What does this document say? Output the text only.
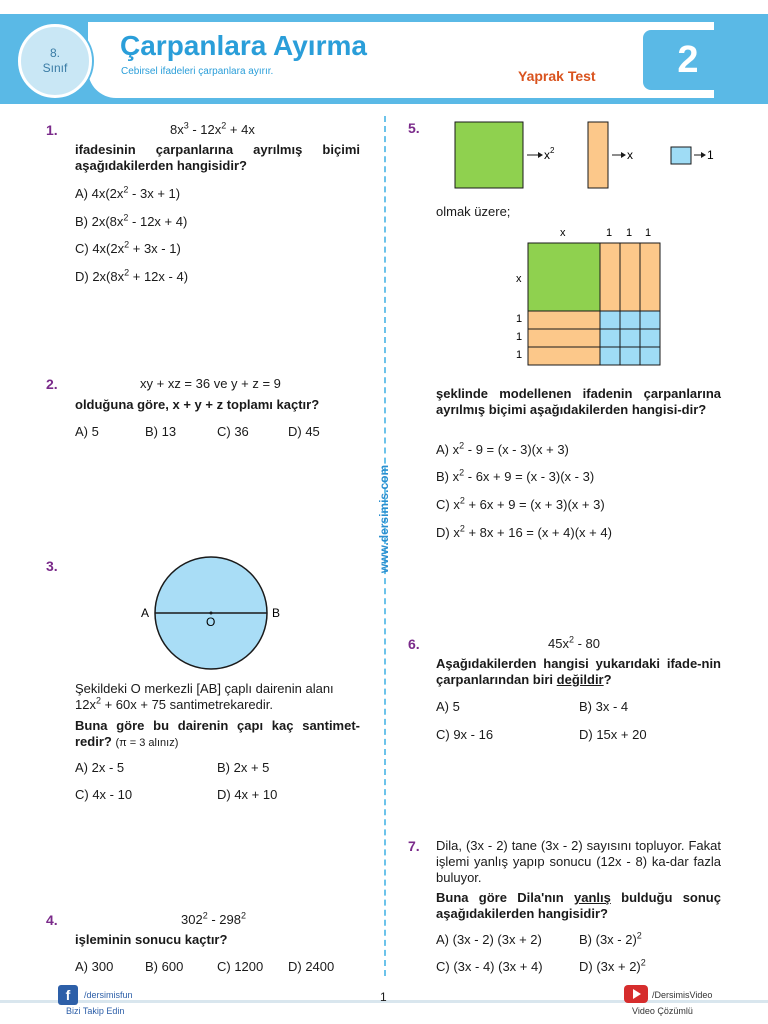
8.
Sınıf
Çarpanlara Ayırma
Cebirsel ifadeleri çarpanlara ayırır.	Yaprak Test	2
www.dersimis.com
1.	$8x^3 - 12x^2 + 4x$
ifadesinin çarpanlarına ayrılmış biçimi aşağıdakilerden hangisidir?
A) $4x(2x^2 - 3x + 1)$
B) $2x(8x^2 - 12x + 4)$
C) $4x(2x^2 + 3x - 1)$
D) $2x(8x^2 + 12x - 4)$
2.	xy + xz = 36 ve y + z = 9
olduğuna göre, x + y + z toplamı kaçtır?
A) 5	B) 13	C) 36	D) 45
3.
A	B
O
Şekildeki O merkezli [AB] çaplı dairenin alanı $12x^2 + 60x + 75$ santimetrekaredir.
Buna göre bu dairenin çapı kaç santimet-redir? (π = 3 alınız)
A) 2x - 5	B) 2x + 5
C) 4x - 10	D) 4x + 10
4.	$302^2 - 298^2$
işleminin sonucu kaçtır?
A) 300 B) 600	C) 1200 D) 2400
5.
$x^2$	x	1
olmak üzere;
x	1 1 1
x
1
1
1
şeklinde modellenen ifadenin çarpanlarına ayrılmış biçimi aşağıdakilerden hangisi-dir?
A) $x^2 - 9 = (x - 3)(x + 3)$
B) $x^2 - 6x + 9 = (x - 3)(x - 3)$
C) $x^2 + 6x + 9 = (x + 3)(x + 3)$
D) $x^2 + 8x + 16 = (x + 4)(x + 4)$
6.	$45x^2 - 80$
Aşağıdakilerden hangisi yukarıdaki ifade-nin çarpanlarından biri değildir?
A) 5	B) 3x - 4
C) 9x - 16	D) 15x + 20
7. Dila, (3x - 2) tane (3x - 2) sayısını topluyor. Fakat işlemi yanlış yapıp sonucu (12x - 8) ka-dar fazla buluyor.
Buna göre Dila'nın yanlış bulduğu sonuç aşağıdakilerden hangisidir?
A) (3x - 2) (3x + 2)	B) (3x - 2)$^2$
C) (3x - 4) (3x + 4)	D) $(3x + 2)^2$
f	/dersimisfun
Bizi Takip Edin
1	/DersimisVideo
Video Çözümlü
